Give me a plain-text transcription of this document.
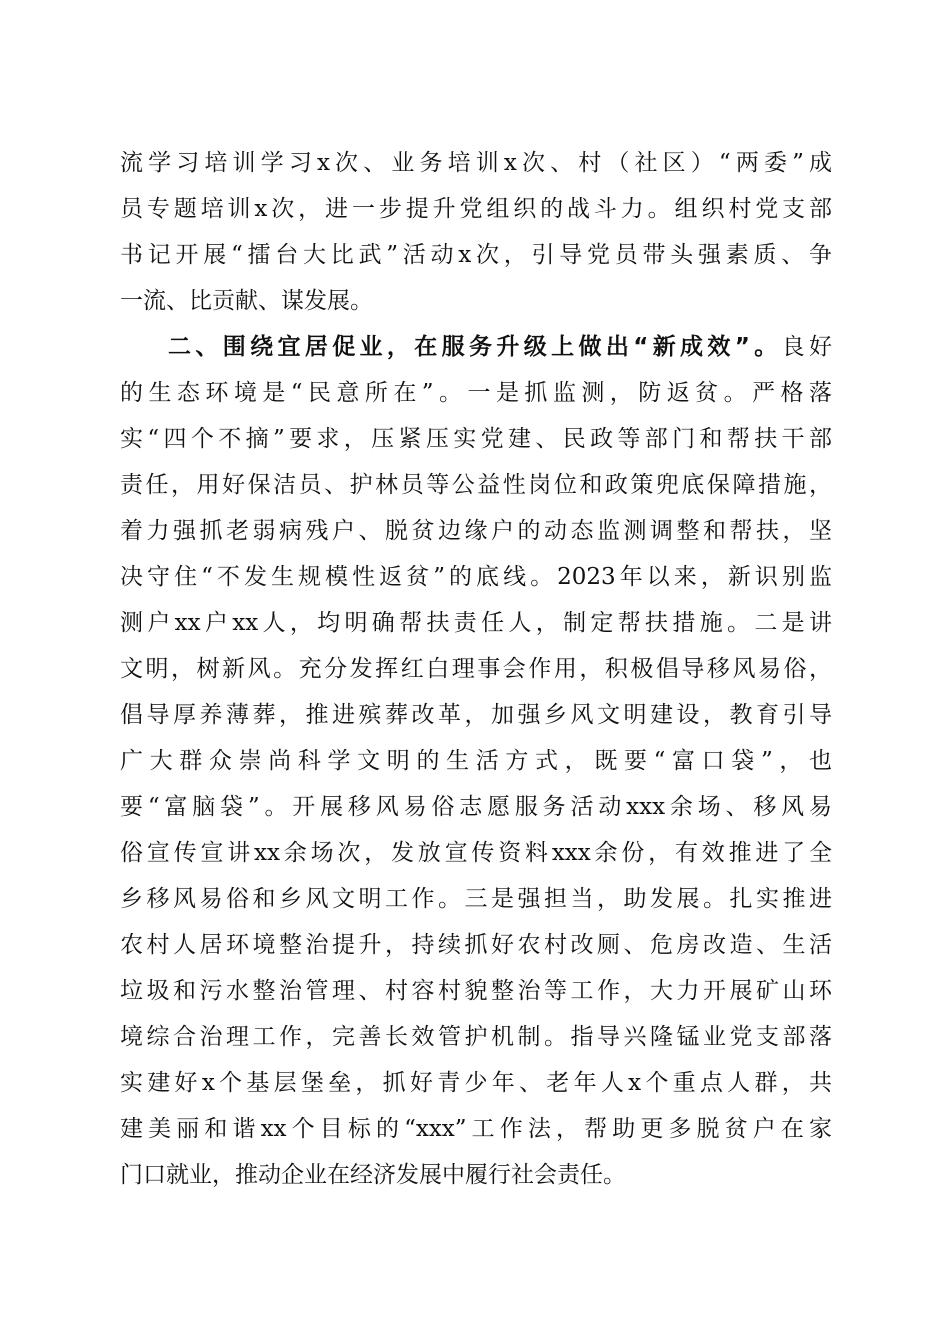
流学习培训学习x次、业务培训x次、村（社区）“两委”成
员专题培训x次，进一步提升党组织的战斗力。组织村党支部
书记开展“擂台大比武”活动x次，引导党员带头强素质、争
一流、比贡献、谋发展。
二、围绕宜居促业，在服务升级上做出“新成效”。良好
的生态环境是“民意所在”。一是抓监测，防返贫。严格落
实“四个不摘”要求，压紧压实党建、民政等部门和帮扶干部
责任，用好保洁员、护林员等公益性岗位和政策兜底保障措施，
着力强抓老弱病残户、脱贫边缘户的动态监测调整和帮扶，坚
决守住“不发生规模性返贫”的底线。2023年以来，新识别监
测户xx户xx人，均明确帮扶责任人，制定帮扶措施。二是讲
文明，树新风。充分发挥红白理事会作用，积极倡导移风易俗，
倡导厚养薄葬，推进殡葬改革，加强乡风文明建设，教育引导
广大群众崇尚科学文明的生活方式，既要“富口袋”，也
要“富脑袋”。开展移风易俗志愿服务活动xxx余场、移风易
俗宣传宣讲xx余场次，发放宣传资料xxx余份，有效推进了全
乡移风易俗和乡风文明工作。三是强担当，助发展。扎实推进
农村人居环境整治提升，持续抓好农村改厕、危房改造、生活
垃圾和污水整治管理、村容村貌整治等工作，大力开展矿山环
境综合治理工作，完善长效管护机制。指导兴隆锰业党支部落
实建好x个基层堡垒，抓好青少年、老年人x个重点人群，共
建美丽和谐xx个目标的“xxx”工作法，帮助更多脱贫户在家
门口就业，推动企业在经济发展中履行社会责任。
